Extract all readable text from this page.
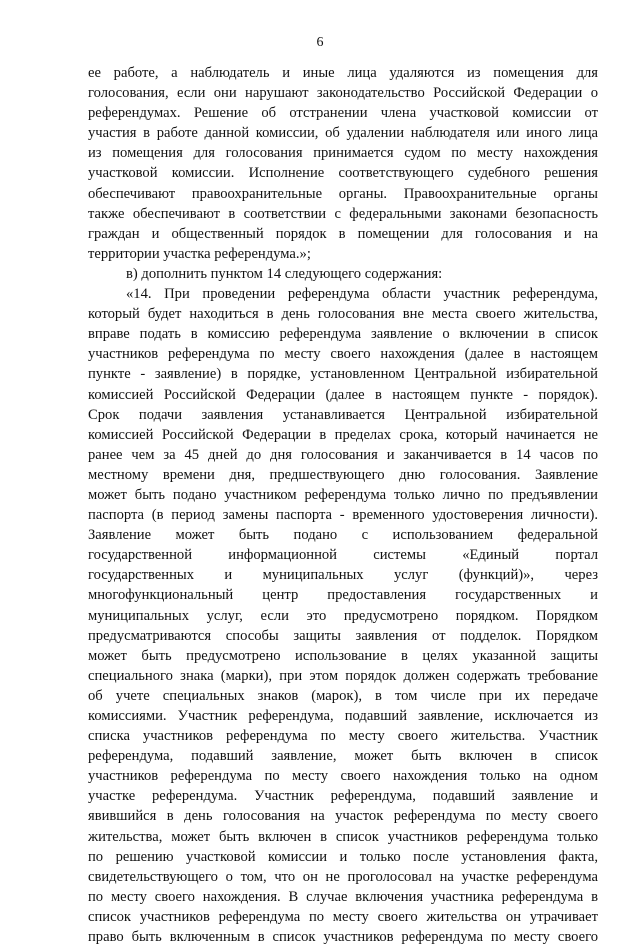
6
ее работе, а наблюдатель и иные лица удаляются из помещения для
голосования, если они нарушают законодательство Российской Федерации о
референдумах. Решение об отстранении члена участковой комиссии от
участия в работе данной комиссии, об удалении наблюдателя или иного лица
из помещения для голосования принимается судом по месту нахождения
участковой комиссии. Исполнение соответствующего судебного решения
обеспечивают правоохранительные органы. Правоохранительные органы
также обеспечивают в соответствии с федеральными законами безопасность
граждан и общественный порядок в помещении для голосования и на
территории участка референдума.»;
в) дополнить пунктом 14 следующего содержания:
«14. При проведении референдума области участник референдума,
который будет находиться в день голосования вне места своего жительства,
вправе подать в комиссию референдума заявление о включении в список
участников референдума по месту своего нахождения (далее в настоящем
пункте - заявление) в порядке, установленном Центральной избирательной
комиссией Российской Федерации (далее в настоящем пункте - порядок).
Срок подачи заявления устанавливается Центральной избирательной
комиссией Российской Федерации в пределах срока, который начинается не
ранее чем за 45 дней до дня голосования и заканчивается в 14 часов по
местному времени дня, предшествующего дню голосования. Заявление
может быть подано участником референдума только лично по предъявлении
паспорта (в период замены паспорта - временного удостоверения личности).
Заявление может быть подано с использованием федеральной
государственной информационной системы «Единый портал
государственных и муниципальных услуг (функций)», через
многофункциональный центр предоставления государственных и
муниципальных услуг, если это предусмотрено порядком. Порядком
предусматриваются способы защиты заявления от подделок. Порядком
может быть предусмотрено использование в целях указанной защиты
специального знака (марки), при этом порядок должен содержать требование
об учете специальных знаков (марок), в том числе при их передаче
комиссиями. Участник референдума, подавший заявление, исключается из
списка участников референдума по месту своего жительства. Участник
референдума, подавший заявление, может быть включен в список
участников референдума по месту своего нахождения только на одном
участке референдума. Участник референдума, подавший заявление и
явившийся в день голосования на участок референдума по месту своего
жительства, может быть включен в список участников референдума только
по решению участковой комиссии и только после установления факта,
свидетельствующего о том, что он не проголосовал на участке референдума
по месту своего нахождения. В случае включения участника референдума в
список участников референдума по месту своего жительства он утрачивает
право быть включенным в список участников референдума по месту своего
